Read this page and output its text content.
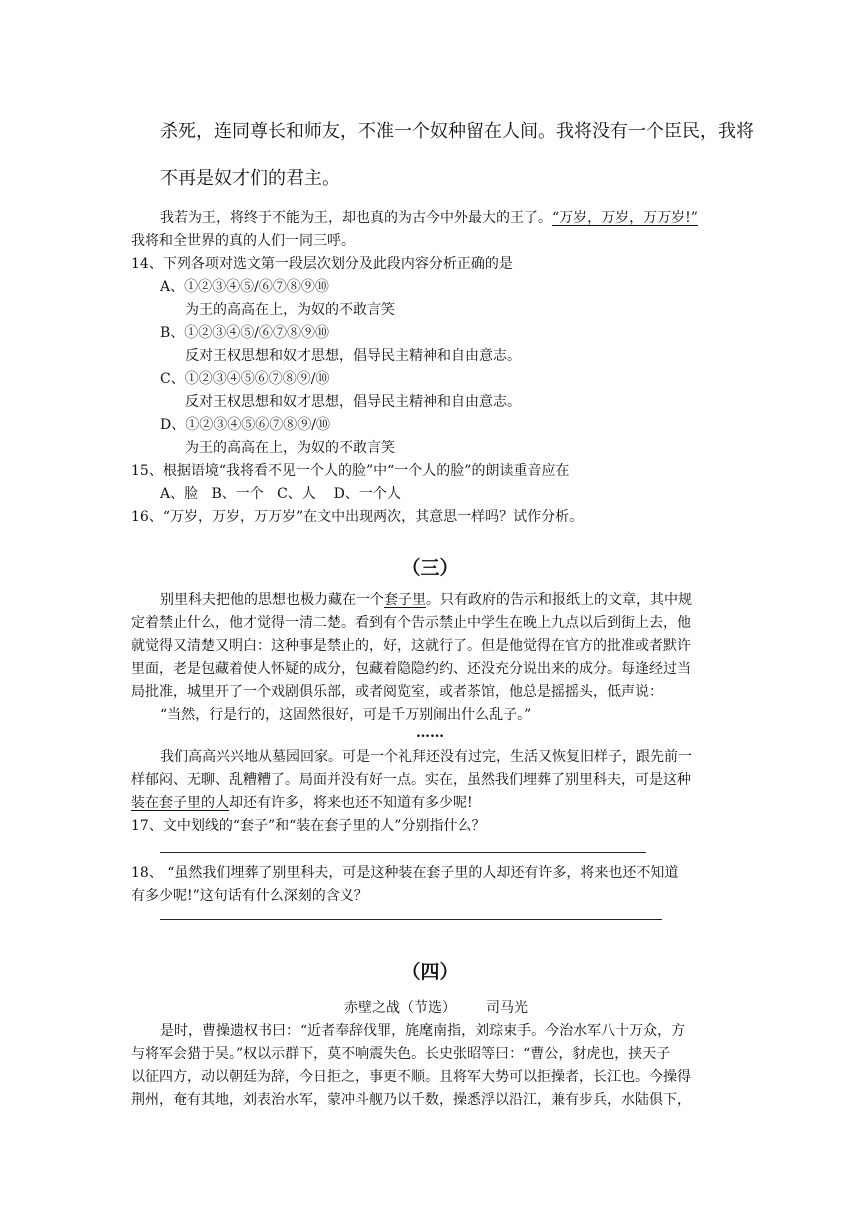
杀死，连同尊长和师友，不准一个奴种留在人间。我将没有一个臣民，我将
不再是奴才们的君主。
我若为王，将终于不能为王，却也真的为古今中外最大的王了。“万岁，万岁，万万岁!”
我将和全世界的真的人们一同三呼。
14、下列各项对选文第一段层次划分及此段内容分析正确的是
A、①②③④⑤/⑥⑦⑧⑨⑩
为王的高高在上，为奴的不敢言笑
B、①②③④⑤/⑥⑦⑧⑨⑩
反对王权思想和奴才思想，倡导民主精神和自由意志。
C、①②③④⑤⑥⑦⑧⑨/⑩
反对王权思想和奴才思想，倡导民主精神和自由意志。
D、①②③④⑤⑥⑦⑧⑨/⑩
为王的高高在上，为奴的不敢言笑
15、根据语境“我将看不见一个人的脸”中“一个人的脸”的朗读重音应在
A、脸   B、一个   C、人    D、一个人
16、“万岁，万岁，万万岁”在文中出现两次，其意思一样吗？试作分析。
（三）
别里科夫把他的思想也极力藏在一个套子里。只有政府的告示和报纸上的文章，其中规
定着禁止什么，他才觉得一清二楚。看到有个告示禁止中学生在晚上九点以后到街上去，他
就觉得又清楚又明白：这种事是禁止的，好，这就行了。但是他觉得在官方的批准或者默许
里面，老是包藏着使人怀疑的成分，包藏着隐隐约约、还没充分说出来的成分。每逢经过当
局批准，城里开了一个戏剧俱乐部，或者阅览室，或者茶馆，他总是摇摇头，低声说：
“当然，行是行的，这固然很好，可是千万别闹出什么乱子。”
……
我们高高兴兴地从墓园回家。可是一个礼拜还没有过完，生活又恢复旧样子，跟先前一
样郁闷、无聊、乱糟糟了。局面并没有好一点。实在，虽然我们埋葬了别里科夫，可是这种
装在套子里的人却还有许多，将来也还不知道有多少呢!
17、文中划线的“套子”和“装在套子里的人”分别指什么？
18、 “虽然我们埋葬了别里科夫，可是这种装在套子里的人却还有许多，将来也还不知道
有多少呢!”这句话有什么深刻的含义？
（四）
赤壁之战（节选） 司马光
是时，曹操遗权书曰：“近者奉辞伐罪，旄麾南指，刘琮束手。今治水军八十万众，方
与将军会猎于吴。”权以示群下，莫不响震失色。长史张昭等曰：“曹公，豺虎也，挟天子
以征四方，动以朝廷为辞，今日拒之，事更不顺。且将军大势可以拒操者，长江也。今操得
荆州，奄有其地，刘表治水军，蒙冲斗舰乃以千数，操悉浮以沿江，兼有步兵，水陆俱下，
